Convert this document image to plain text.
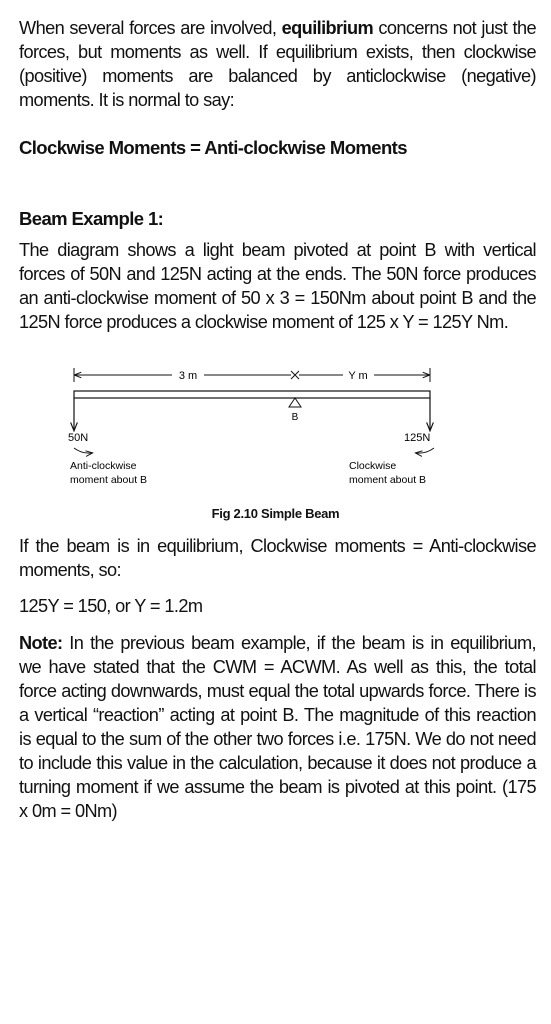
When several forces are involved, equilibrium concerns not just the forces, but moments as well. If equilibrium exists, then clockwise (positive) moments are balanced by anticlockwise (negative) moments. It is normal to say:

Clockwise Moments = Anti-clockwise Moments
Beam Example 1:

The diagram shows a light beam pivoted at point B with vertical forces of 50N and 125N acting at the ends. The 50N force produces an anti-clockwise moment of 50 x 3 = 150Nm about point B and the 125N force produces a clockwise moment of 125 x Y = 125Y Nm.

3 m	Y m
B
50N	125N
Anti-clockwise
moment about B
Clockwise
moment about B
Fig 2.10 Simple Beam

If the beam is in equilibrium, Clockwise moments = Anti-clockwise moments, so:

125Y = 150, or Y = 1.2m

Note: In the previous beam example, if the beam is in equilibrium, we have stated that the CWM = ACWM. As well as this, the total force acting downwards, must equal the total upwards force. There is a vertical “reaction” acting at point B. The magnitude of this reaction is equal to the sum of the other two forces i.e. 175N. We do not need to include this value in the calculation, because it does not produce a turning moment if we assume the beam is pivoted at this point. (175 x 0m = 0Nm)
